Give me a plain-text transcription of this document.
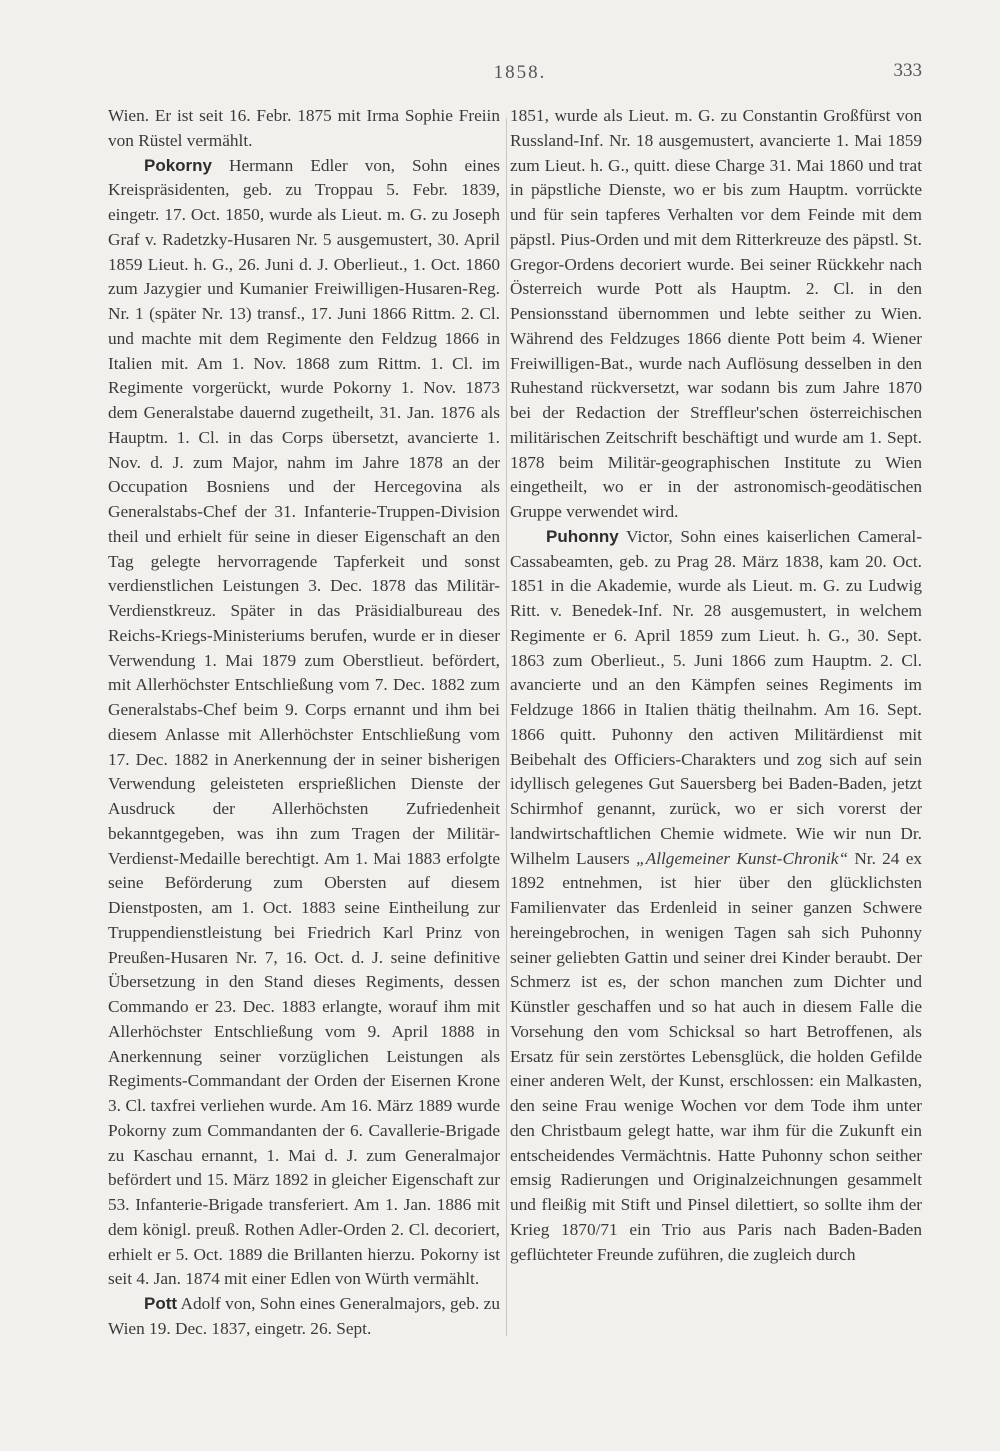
1858.	333

Wien. Er ist seit 16. Febr. 1875 mit Irma Sophie Freiin von Rüstel vermählt.

Pokorny Hermann Edler von, Sohn eines Kreispräsidenten, geb. zu Troppau 5. Febr. 1839, eingetr. 17. Oct. 1850, wurde als Lieut. m. G. zu Joseph Graf v. Radetzky-Husaren Nr. 5 ausgemustert, 30. April 1859 Lieut. h. G., 26. Juni d. J. Oberlieut., 1. Oct. 1860 zum Jazygier und Kumanier Freiwilligen-Husaren-Reg. Nr. 1 (später Nr. 13) transf., 17. Juni 1866 Rittm. 2. Cl. und machte mit dem Regimente den Feldzug 1866 in Italien mit. Am 1. Nov. 1868 zum Rittm. 1. Cl. im Regimente vorgerückt, wurde Pokorny 1. Nov. 1873 dem Generalstabe dauernd zugetheilt, 31. Jan. 1876 als Hauptm. 1. Cl. in das Corps übersetzt, avancierte 1. Nov. d. J. zum Major, nahm im Jahre 1878 an der Occupation Bosniens und der Hercegovina als Generalstabs-Chef der 31. Infanterie-Truppen-Division theil und erhielt für seine in dieser Eigenschaft an den Tag gelegte hervorragende Tapferkeit und sonst verdienstlichen Leistungen 3. Dec. 1878 das Militär-Verdienstkreuz. Später in das Präsidialbureau des Reichs-Kriegs-Ministeriums berufen, wurde er in dieser Verwendung 1. Mai 1879 zum Oberstlieut. befördert, mit Allerhöchster Entschließung vom 7. Dec. 1882 zum Generalstabs-Chef beim 9. Corps ernannt und ihm bei diesem Anlasse mit Allerhöchster Entschließung vom 17. Dec. 1882 in Anerkennung der in seiner bisherigen Verwendung geleisteten ersprießlichen Dienste der Ausdruck der Allerhöchsten Zufriedenheit bekanntgegeben, was ihn zum Tragen der Militär-Verdienst-Medaille berechtigt. Am 1. Mai 1883 erfolgte seine Beförderung zum Obersten auf diesem Dienstposten, am 1. Oct. 1883 seine Eintheilung zur Truppendienstleistung bei Friedrich Karl Prinz von Preußen-Husaren Nr. 7, 16. Oct. d. J. seine definitive Übersetzung in den Stand dieses Regiments, dessen Commando er 23. Dec. 1883 erlangte, worauf ihm mit Allerhöchster Entschließung vom 9. April 1888 in Anerkennung seiner vorzüglichen Leistungen als Regiments-Commandant der Orden der Eisernen Krone 3. Cl. taxfrei verliehen wurde. Am 16. März 1889 wurde Pokorny zum Commandanten der 6. Cavallerie-Brigade zu Kaschau ernannt, 1. Mai d. J. zum Generalmajor befördert und 15. März 1892 in gleicher Eigenschaft zur 53. Infanterie-Brigade transferiert. Am 1. Jan. 1886 mit dem königl. preuß. Rothen Adler-Orden 2. Cl. decoriert, erhielt er 5. Oct. 1889 die Brillanten hierzu. Pokorny ist seit 4. Jan. 1874 mit einer Edlen von Würth vermählt.

Pott Adolf von, Sohn eines Generalmajors, geb. zu Wien 19. Dec. 1837, eingetr. 26. Sept.

1851, wurde als Lieut. m. G. zu Constantin Großfürst von Russland-Inf. Nr. 18 ausgemustert, avancierte 1. Mai 1859 zum Lieut. h. G., quitt. diese Charge 31. Mai 1860 und trat in päpstliche Dienste, wo er bis zum Hauptm. vorrückte und für sein tapferes Verhalten vor dem Feinde mit dem päpstl. Pius-Orden und mit dem Ritterkreuze des päpstl. St. Gregor-Ordens decoriert wurde. Bei seiner Rückkehr nach Österreich wurde Pott als Hauptm. 2. Cl. in den Pensionsstand übernommen und lebte seither zu Wien. Während des Feldzuges 1866 diente Pott beim 4. Wiener Freiwilligen-Bat., wurde nach Auflösung desselben in den Ruhestand rückversetzt, war sodann bis zum Jahre 1870 bei der Redaction der Streffleur'schen österreichischen militärischen Zeitschrift beschäftigt und wurde am 1. Sept. 1878 beim Militär-geographischen Institute zu Wien eingetheilt, wo er in der astronomisch-geodätischen Gruppe verwendet wird.

Puhonny Victor, Sohn eines kaiserlichen Cameral-Cassabeamten, geb. zu Prag 28. März 1838, kam 20. Oct. 1851 in die Akademie, wurde als Lieut. m. G. zu Ludwig Ritt. v. Benedek-Inf. Nr. 28 ausgemustert, in welchem Regimente er 6. April 1859 zum Lieut. h. G., 30. Sept. 1863 zum Oberlieut., 5. Juni 1866 zum Hauptm. 2. Cl. avancierte und an den Kämpfen seines Regiments im Feldzuge 1866 in Italien thätig theilnahm. Am 16. Sept. 1866 quitt. Puhonny den activen Militärdienst mit Beibehalt des Officiers-Charakters und zog sich auf sein idyllisch gelegenes Gut Sauersberg bei Baden-Baden, jetzt Schirmhof genannt, zurück, wo er sich vorerst der landwirtschaftlichen Chemie widmete. Wie wir nun Dr. Wilhelm Lausers „Allgemeiner Kunst-Chronik“ Nr. 24 ex 1892 entnehmen, ist hier über den glücklichsten Familienvater das Erdenleid in seiner ganzen Schwere hereingebrochen, in wenigen Tagen sah sich Puhonny seiner geliebten Gattin und seiner drei Kinder beraubt. Der Schmerz ist es, der schon manchen zum Dichter und Künstler geschaffen und so hat auch in diesem Falle die Vorsehung den vom Schicksal so hart Betroffenen, als Ersatz für sein zerstörtes Lebensglück, die holden Gefilde einer anderen Welt, der Kunst, erschlossen: ein Malkasten, den seine Frau wenige Wochen vor dem Tode ihm unter den Christbaum gelegt hatte, war ihm für die Zukunft ein entscheidendes Vermächtnis. Hatte Puhonny schon seither emsig Radierungen und Originalzeichnungen gesammelt und fleißig mit Stift und Pinsel dilettiert, so sollte ihm der Krieg 1870/71 ein Trio aus Paris nach Baden-Baden geflüchteter Freunde zuführen, die zugleich durch
